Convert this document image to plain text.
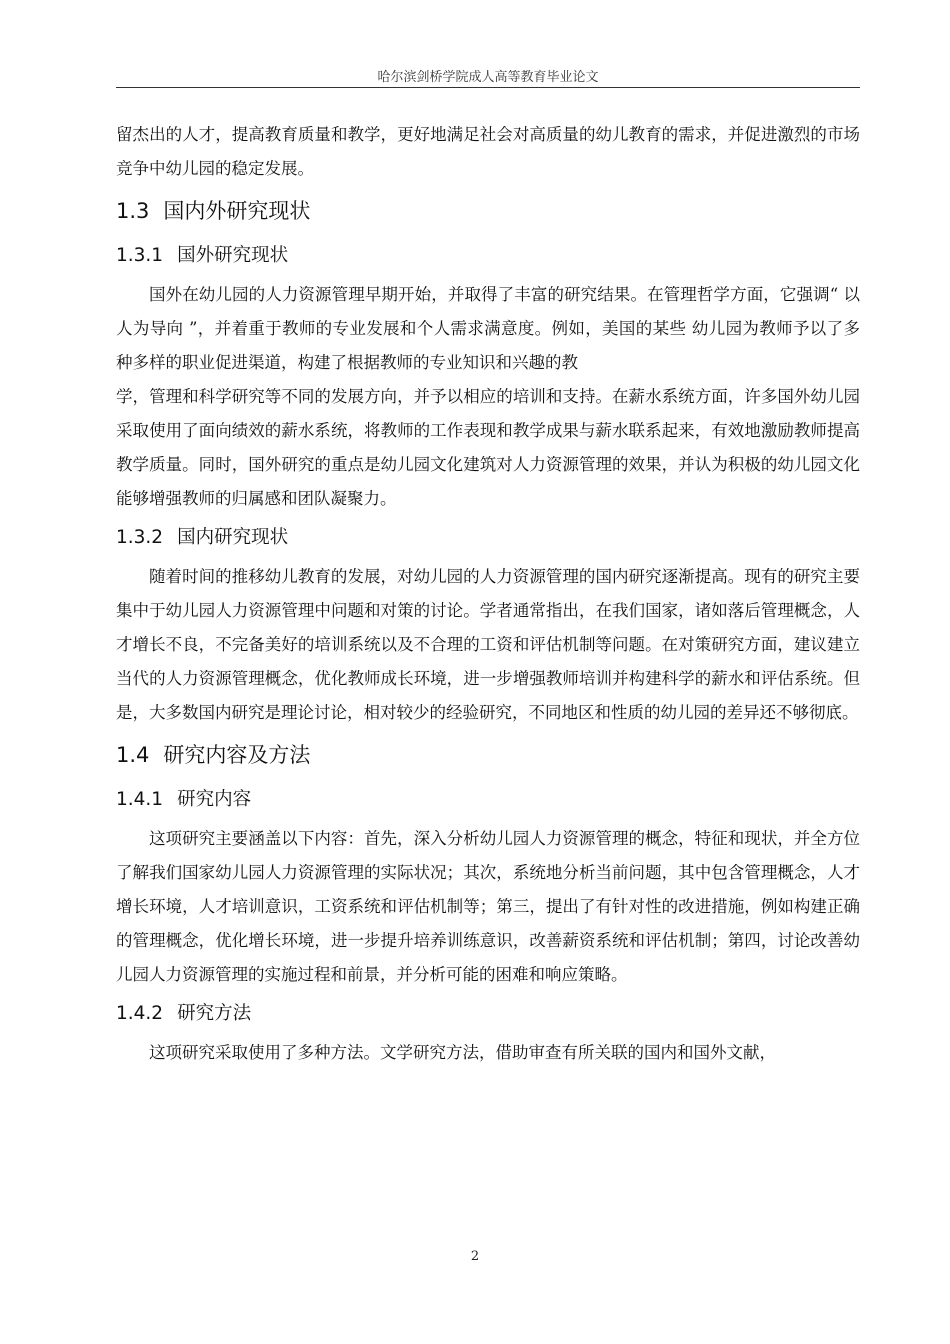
哈尔滨剑桥学院成人高等教育毕业论文

留杰出的人才，提高教育质量和教学，更好地满足社会对高质量的幼儿教育的需求，并促进激烈的市场竞争中幼儿园的稳定发展。

1.3 国内外研究现状
1.3.1 国外研究现状

国外在幼儿园的人力资源管理早期开始，并取得了丰富的研究结果。在管理哲学方面，它强调“ 以人为导向 ”，并着重于教师的专业发展和个人需求满意度。例如，美国的某些 幼儿园为教师予以了多种多样的职业促进渠道，构建了根据教师的专业知识和兴趣的教

学，管理和科学研究等不同的发展方向，并予以相应的培训和支持。在薪水系统方面，许多国外幼儿园采取使用了面向绩效的薪水系统，将教师的工作表现和教学成果与薪水联系起来，有效地激励教师提高教学质量。同时，国外研究的重点是幼儿园文化建筑对人力资源管理的效果，并认为积极的幼儿园文化能够增强教师的归属感和团队凝聚力。

1.3.2 国内研究现状

随着时间的推移幼儿教育的发展，对幼儿园的人力资源管理的国内研究逐渐提高。现有的研究主要集中于幼儿园人力资源管理中问题和对策的讨论。学者通常指出，在我们国家，诸如落后管理概念，人才增长不良，不完备美好的培训系统以及不合理的工资和评估机制等问题。在对策研究方面，建议建立当代的人力资源管理概念，优化教师成长环境，进一步增强教师培训并构建科学的薪水和评估系统。但是，大多数国内研究是理论讨论，相对较少的经验研究，不同地区和性质的幼儿园的差异还不够彻底。

1.4 研究内容及方法
1.4.1 研究内容

这项研究主要涵盖以下内容：首先，深入分析幼儿园人力资源管理的概念，特征和现状，并全方位了解我们国家幼儿园人力资源管理的实际状况；其次，系统地分析当前问题，其中包含管理概念，人才增长环境，人才培训意识，工资系统和评估机制等；第三，提出了有针对性的改进措施，例如构建正确的管理概念，优化增长环境，进一步提升培养训练意识，改善薪资系统和评估机制；第四，讨论改善幼儿园人力资源管理的实施过程和前景，并分析可能的困难和响应策略。

1.4.2 研究方法

这项研究采取使用了多种方法。文学研究方法，借助审查有所关联的国内和国外文献，

2
